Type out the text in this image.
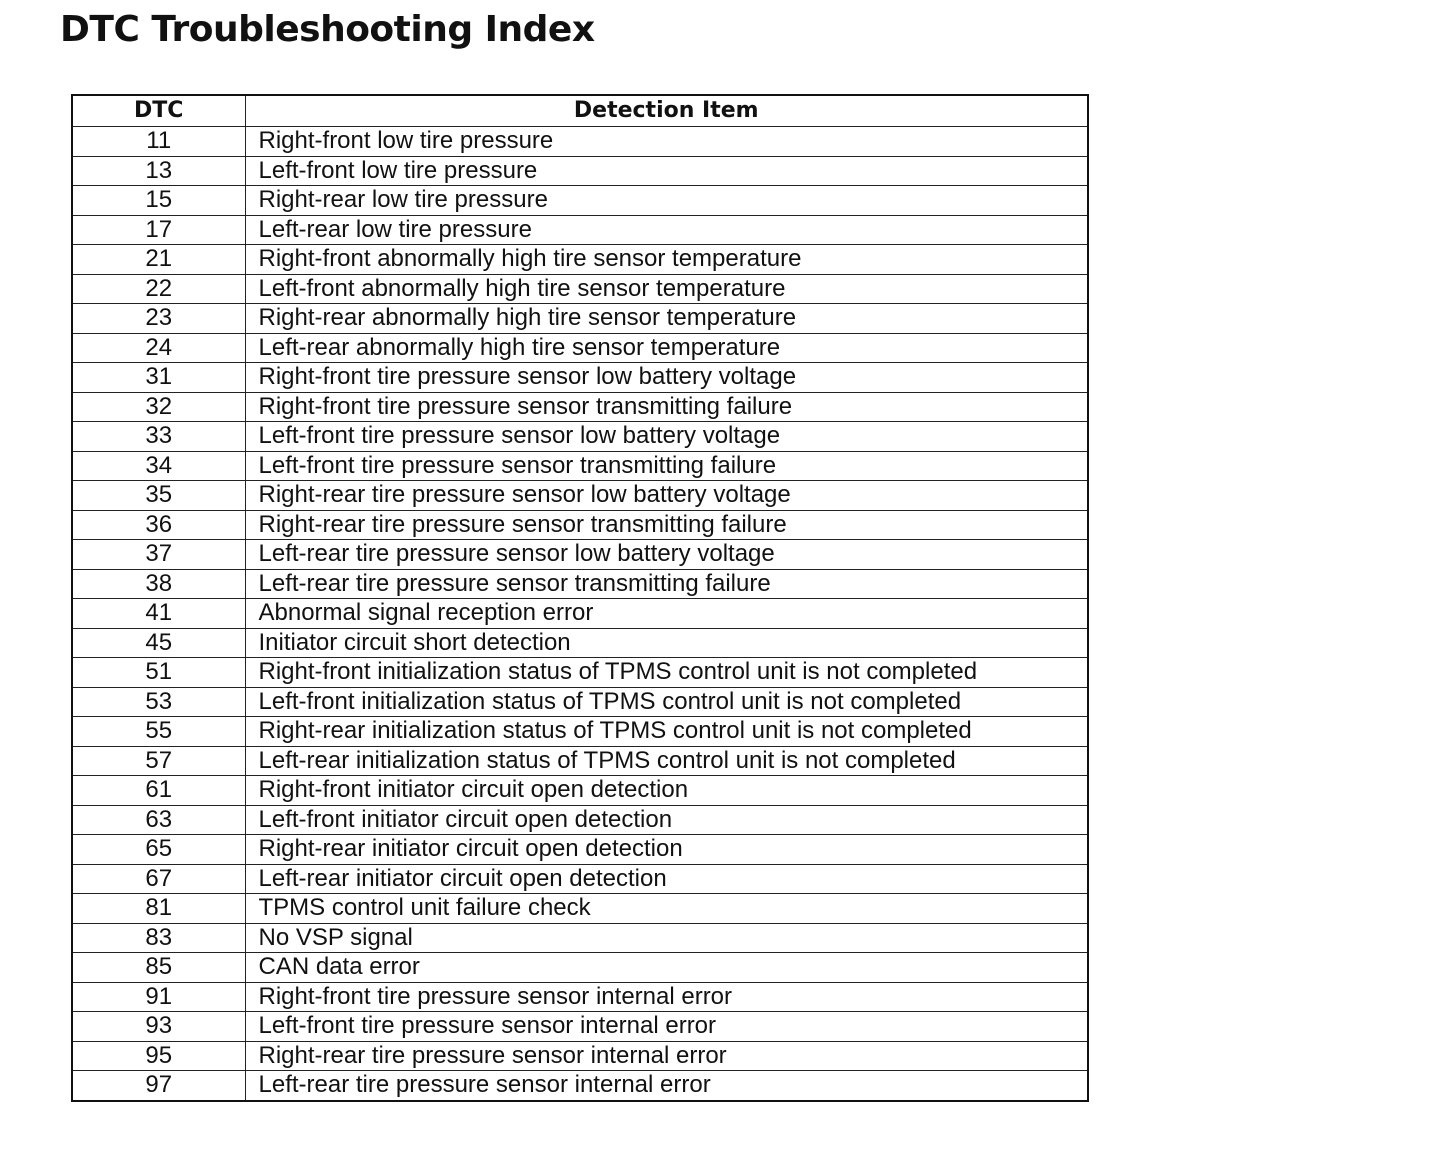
DTC Troubleshooting Index
DTC	Detection Item
11	Right-front low tire pressure
13	Left-front low tire pressure
15	Right-rear low tire pressure
17	Left-rear low tire pressure
21	Right-front abnormally high tire sensor temperature
22	Left-front abnormally high tire sensor temperature
23	Right-rear abnormally high tire sensor temperature
24	Left-rear abnormally high tire sensor temperature
31	Right-front tire pressure sensor low battery voltage
32	Right-front tire pressure sensor transmitting failure
33	Left-front tire pressure sensor low battery voltage
34	Left-front tire pressure sensor transmitting failure
35	Right-rear tire pressure sensor low battery voltage
36	Right-rear tire pressure sensor transmitting failure
37	Left-rear tire pressure sensor low battery voltage
38	Left-rear tire pressure sensor transmitting failure
41	Abnormal signal reception error
45	Initiator circuit short detection
51	Right-front initialization status of TPMS control unit is not completed
53	Left-front initialization status of TPMS control unit is not completed
55	Right-rear initialization status of TPMS control unit is not completed
57	Left-rear initialization status of TPMS control unit is not completed
61	Right-front initiator circuit open detection
63	Left-front initiator circuit open detection
65	Right-rear initiator circuit open detection
67	Left-rear initiator circuit open detection
81	TPMS control unit failure check
83	No VSP signal
85	CAN data error
91	Right-front tire pressure sensor internal error
93	Left-front tire pressure sensor internal error
95	Right-rear tire pressure sensor internal error
97	Left-rear tire pressure sensor internal error
